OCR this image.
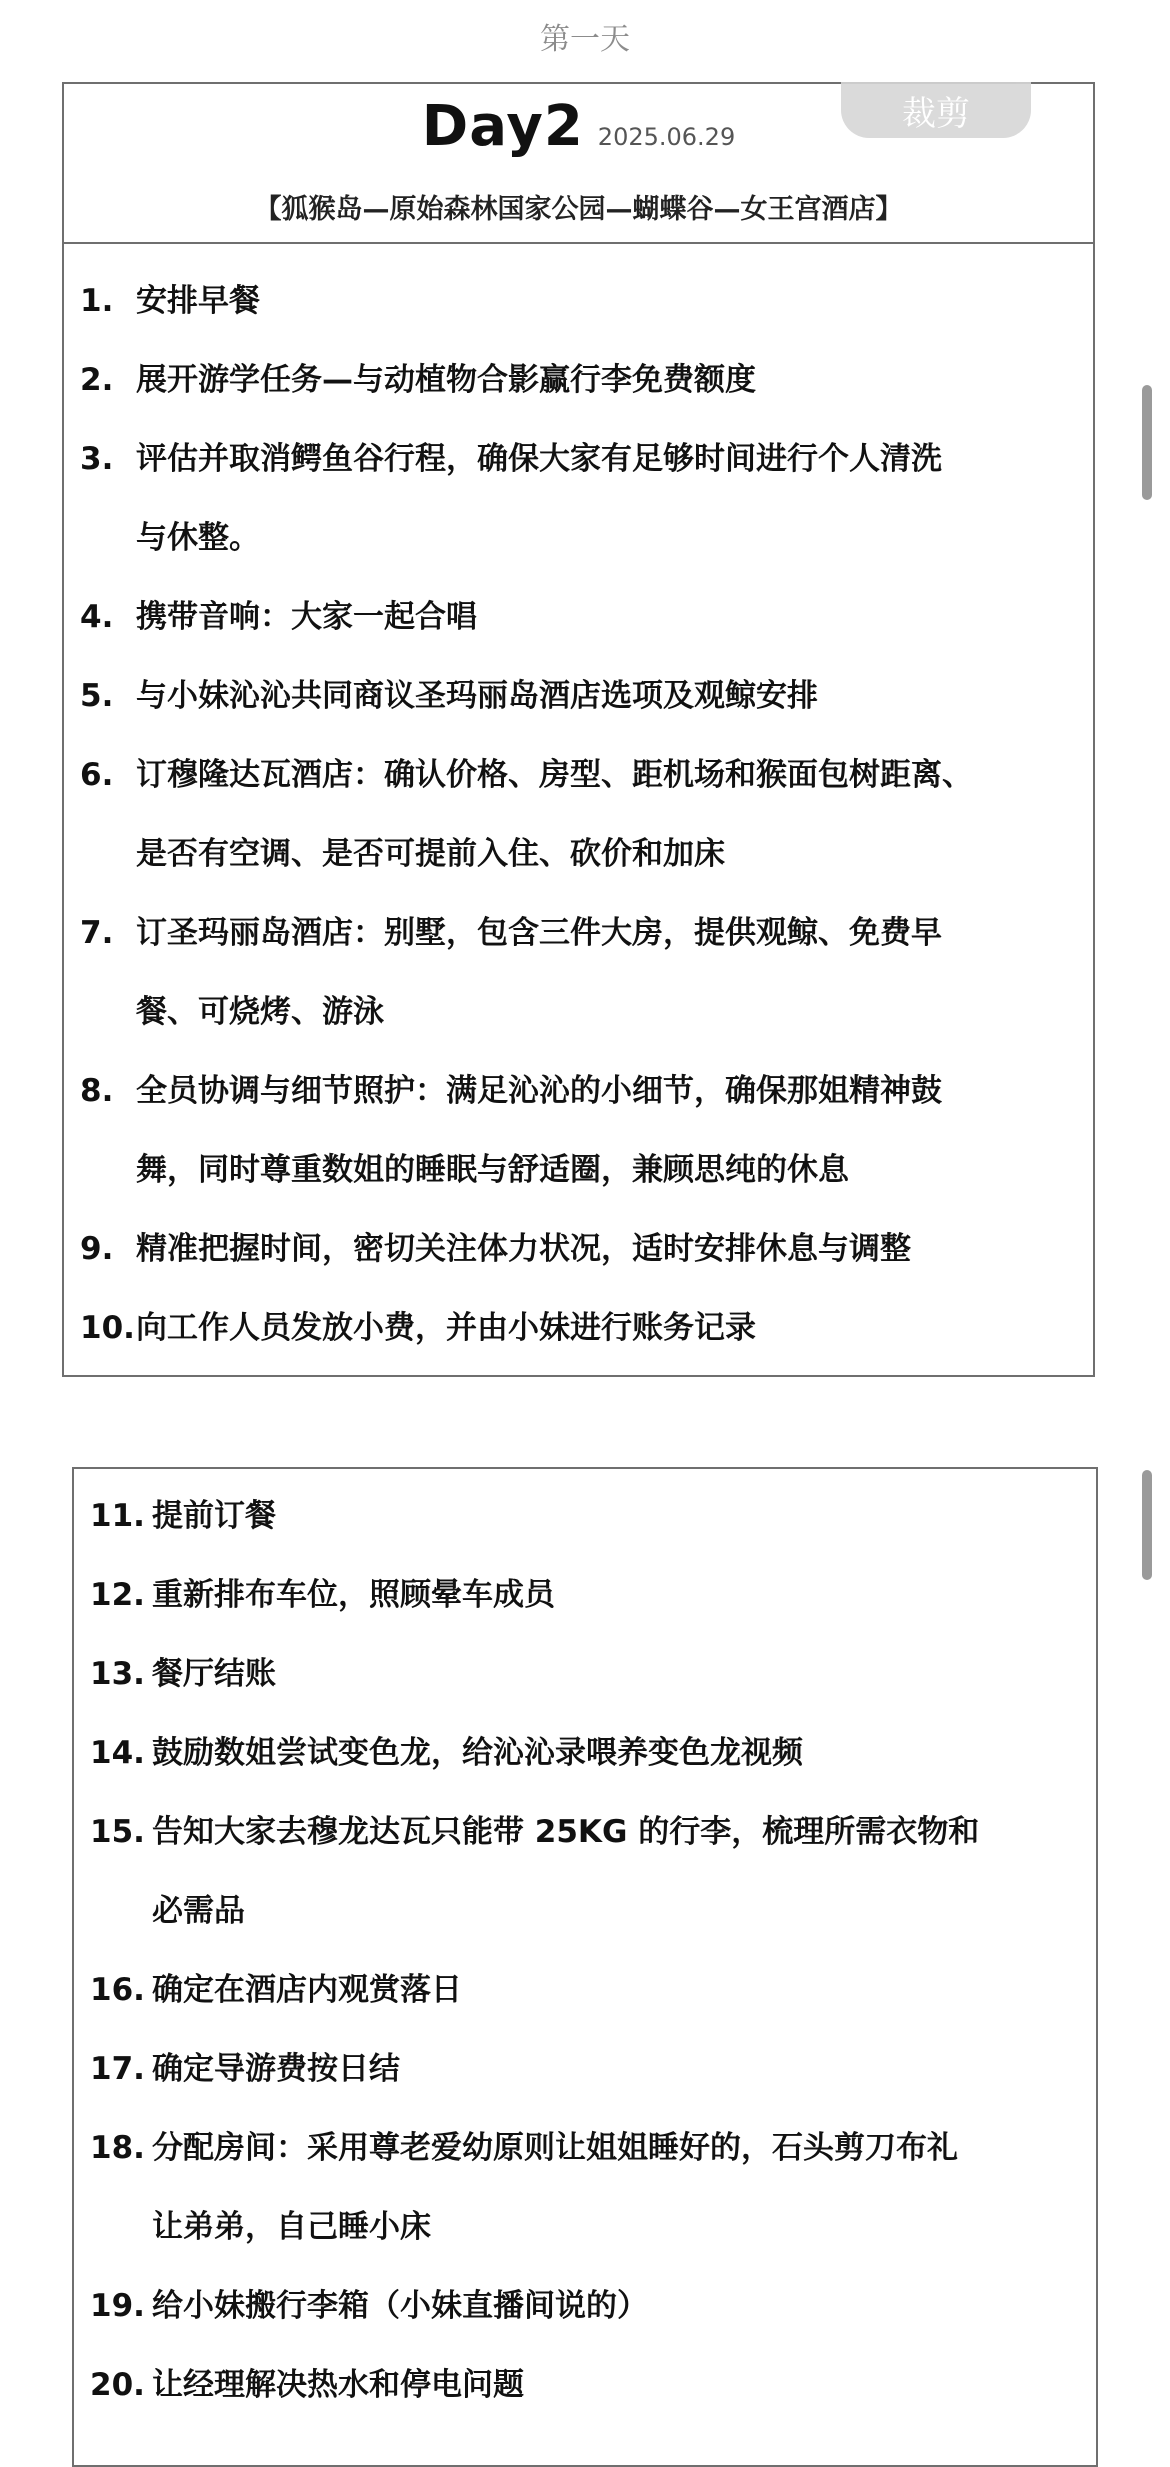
第一天
Day2 2025.06.29
【狐猴岛—原始森林国家公园—蝴蝶谷—女王宫酒店】
裁剪
1. 安排早餐
2. 展开游学任务—与动植物合影赢行李免费额度
3. 评估并取消鳄鱼谷行程，确保大家有足够时间进行个人清洗
与休整。
4. 携带音响：大家一起合唱
5. 与小妹沁沁共同商议圣玛丽岛酒店选项及观鲸安排
6. 订穆隆达瓦酒店：确认价格、房型、距机场和猴面包树距离、
是否有空调、是否可提前入住、砍价和加床
7. 订圣玛丽岛酒店：别墅，包含三件大房，提供观鲸、免费早
餐、可烧烤、游泳
8. 全员协调与细节照护：满足沁沁的小细节，确保那姐精神鼓
舞，同时尊重数姐的睡眠与舒适圈，兼顾思纯的休息
9. 精准把握时间，密切关注体力状况，适时安排休息与调整
10. 向工作人员发放小费，并由小妹进行账务记录
11. 提前订餐
12. 重新排布车位，照顾晕车成员
13. 餐厅结账
14. 鼓励数姐尝试变色龙，给沁沁录喂养变色龙视频
15. 告知大家去穆龙达瓦只能带 25KG 的行李，梳理所需衣物和
必需品
16. 确定在酒店内观赏落日
17. 确定导游费按日结
18. 分配房间：采用尊老爱幼原则让姐姐睡好的，石头剪刀布礼
让弟弟，自己睡小床
19. 给小妹搬行李箱（小妹直播间说的）
20. 让经理解决热水和停电问题
